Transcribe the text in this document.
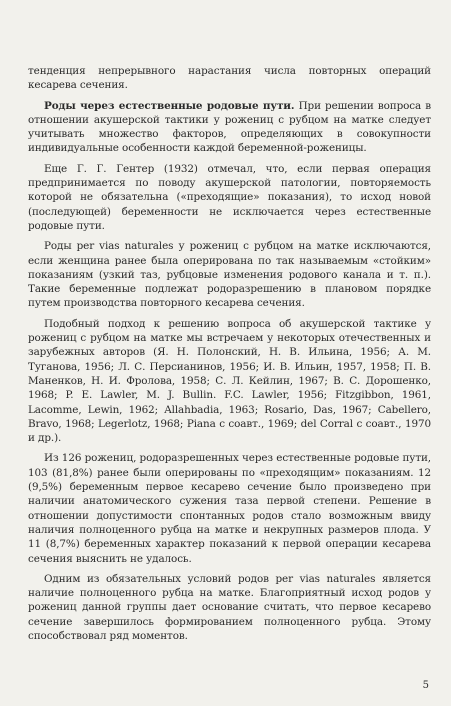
тенденция непрерывного нарастания числа повторных операций кесарева сечения.

Роды через естественные родовые пути. При решении вопроса в отношении акушерской тактики у рожениц с рубцом на матке следует учитывать множество факторов, определяющих в совокупности индивидуальные особенности каждой беременной-роженицы.

Еще Г. Г. Гентер (1932) отмечал, что, если первая операция предпринимается по поводу акушерской патологии, повторяемость которой не обязательна («преходящие» показания), то исход новой (последующей) беременности не исключается через естественные родовые пути.

Роды per vias naturales у рожениц с рубцом на матке исключаются, если женщина ранее была оперирована по так называемым «стойким» показаниям (узкий таз, рубцовые изменения родового канала и т. п.). Такие беременные подлежат родоразрешению в плановом порядке путем производства повторного кесарева сечения.

Подобный подход к решению вопроса об акушерской тактике у рожениц с рубцом на матке мы встречаем у некоторых отечественных и зарубежных авторов (Я. Н. Полонский, Н. В. Ильина, 1956; А. М. Туганова, 1956; Л. С. Персианинов, 1956; И. В. Ильин, 1957, 1958; П. В. Маненков, Н. И. Фролова, 1958; С. Л. Кейлин, 1967; В. С. Дорошенко, 1968; P. E. Lawler, M. J. Bullin. F.C. Lawler, 1956; Fitzgibbon, 1961, Lacomme, Lewin, 1962; Allahbadia, 1963; Rosario, Das, 1967; Cabellero, Bravo, 1968; Legerlotz, 1968; Piana с соавт., 1969; del Corral с соавт., 1970 и др.).

Из 126 рожениц, родоразрешенных через естественные родовые пути, 103 (81,8%) ранее были оперированы по «преходящим» показаниям. 12 (9,5%) беременным первое кесарево сечение было произведено при наличии анатомического сужения таза первой степени. Решение в отношении допустимости спонтанных родов стало возможным ввиду наличия полноценного рубца на матке и некрупных размеров плода. У 11 (8,7%) беременных характер показаний к первой операции кесарева сечения выяснить не удалось.

Одним из обязательных условий родов per vias naturales является наличие полноценного рубца на матке. Благоприятный исход родов у рожениц данной группы дает основание считать, что первое кесарево сечение завершилось формированием полноценного рубца. Этому способствовал ряд моментов.

5
